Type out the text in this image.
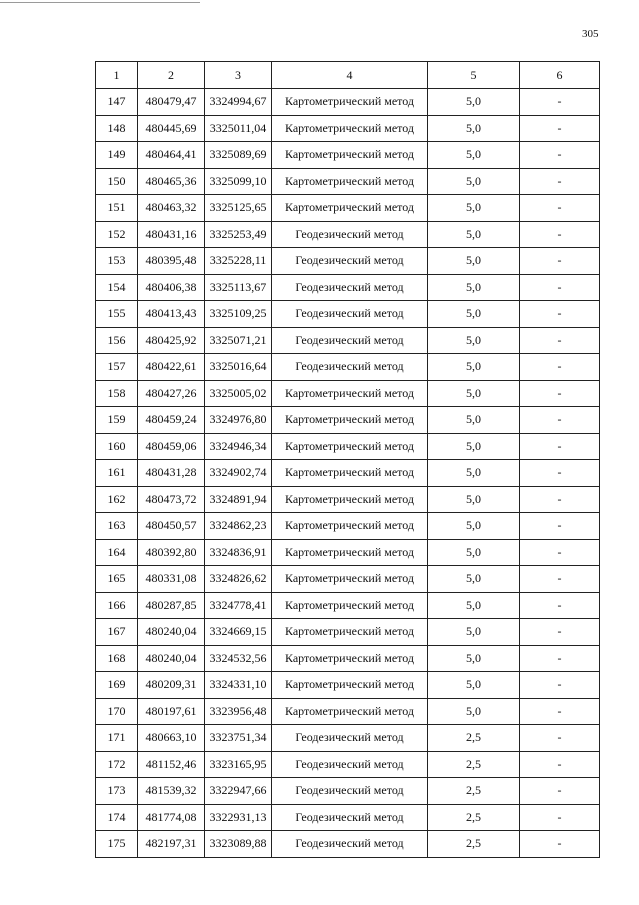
305
1	2	3	4	5	6
147	480479,47	3324994,67	Картометрический метод	5,0	-
148	480445,69	3325011,04	Картометрический метод	5,0	-
149	480464,41	3325089,69	Картометрический метод	5,0	-
150	480465,36	3325099,10	Картометрический метод	5,0	-
151	480463,32	3325125,65	Картометрический метод	5,0	-
152	480431,16	3325253,49	Геодезический метод	5,0	-
153	480395,48	3325228,11	Геодезический метод	5,0	-
154	480406,38	3325113,67	Геодезический метод	5,0	-
155	480413,43	3325109,25	Геодезический метод	5,0	-
156	480425,92	3325071,21	Геодезический метод	5,0	-
157	480422,61	3325016,64	Геодезический метод	5,0	-
158	480427,26	3325005,02	Картометрический метод	5,0	-
159	480459,24	3324976,80	Картометрический метод	5,0	-
160	480459,06	3324946,34	Картометрический метод	5,0	-
161	480431,28	3324902,74	Картометрический метод	5,0	-
162	480473,72	3324891,94	Картометрический метод	5,0	-
163	480450,57	3324862,23	Картометрический метод	5,0	-
164	480392,80	3324836,91	Картометрический метод	5,0	-
165	480331,08	3324826,62	Картометрический метод	5,0	-
166	480287,85	3324778,41	Картометрический метод	5,0	-
167	480240,04	3324669,15	Картометрический метод	5,0	-
168	480240,04	3324532,56	Картометрический метод	5,0	-
169	480209,31	3324331,10	Картометрический метод	5,0	-
170	480197,61	3323956,48	Картометрический метод	5,0	-
171	480663,10	3323751,34	Геодезический метод	2,5	-
172	481152,46	3323165,95	Геодезический метод	2,5	-
173	481539,32	3322947,66	Геодезический метод	2,5	-
174	481774,08	3322931,13	Геодезический метод	2,5	-
175	482197,31	3323089,88	Геодезический метод	2,5	-
